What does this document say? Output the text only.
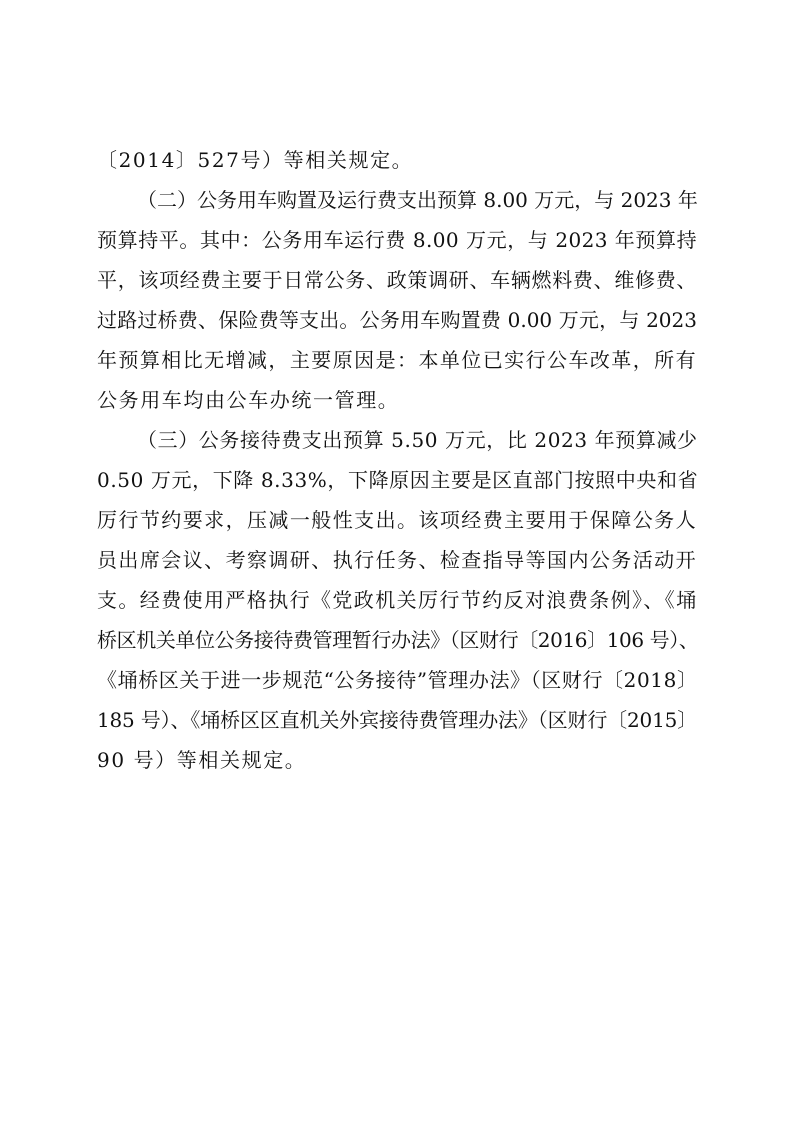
〔2014〕527号）等相关规定。
（二）公务用车购置及运行费支出预算 8.00 万元，与 2023 年
预算持平。其中：公务用车运行费 8.00 万元，与 2023 年预算持
平，该项经费主要于日常公务、政策调研、车辆燃料费、维修费、
过路过桥费、保险费等支出。公务用车购置费 0.00 万元，与 2023
年预算相比无增减，主要原因是：本单位已实行公车改革，所有
公务用车均由公车办统一管理。
（三）公务接待费支出预算 5.50 万元，比 2023 年预算减少
0.50 万元，下降 8.33%，下降原因主要是区直部门按照中央和省
厉行节约要求，压减一般性支出。该项经费主要用于保障公务人
员出席会议、考察调研、执行任务、检查指导等国内公务活动开
支。经费使用严格执行《党政机关厉行节约反对浪费条例》、《埇
桥区机关单位公务接待费管理暂行办法》（区财行〔2016〕106 号）、
《埇桥区关于进一步规范“公务接待”管理办法》（区财行〔2018〕
185 号）、《埇桥区区直机关外宾接待费管理办法》（区财行〔2015〕
90 号）等相关规定。
